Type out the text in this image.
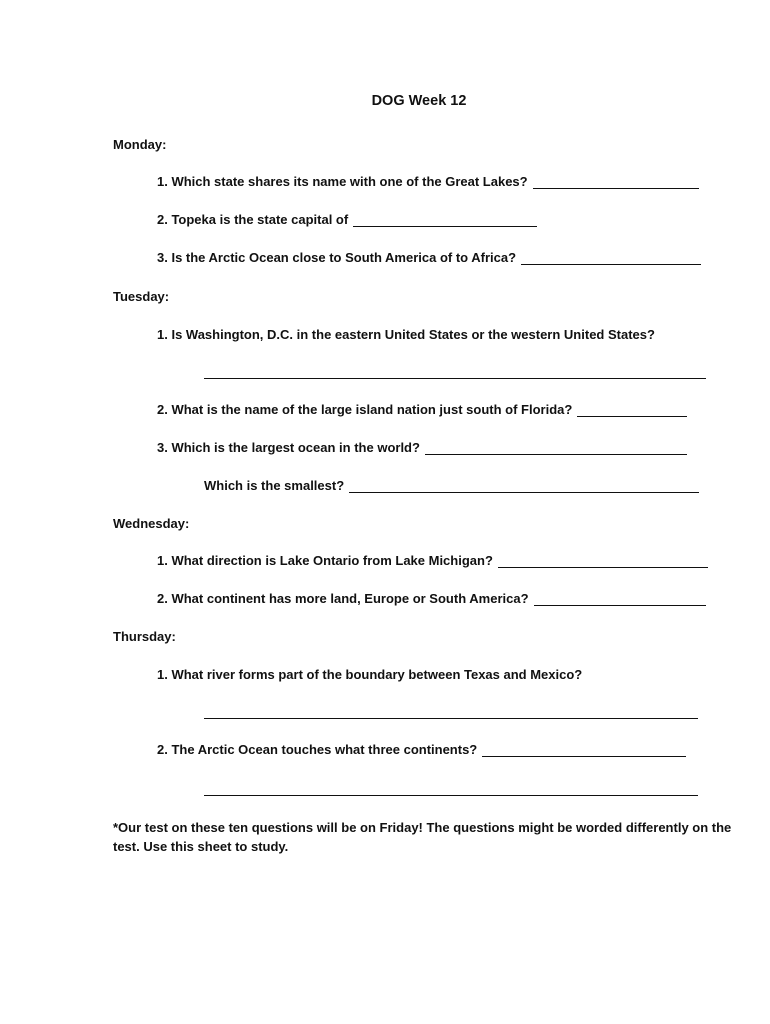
DOG Week 12
Monday:
1. Which state shares its name with one of the Great Lakes?
2. Topeka is the state capital of
3. Is the Arctic Ocean close to South America of to Africa?
Tuesday:
1. Is Washington, D.C. in the eastern United States or the western United States?
2. What is the name of the large island nation just south of Florida?
3. Which is the largest ocean in the world?
Which is the smallest?
Wednesday:
1. What direction is Lake Ontario from Lake Michigan?
2. What continent has more land, Europe or South America?
Thursday:
1. What river forms part of the boundary between Texas and Mexico?
2. The Arctic Ocean touches what three continents?
*Our test on these ten questions will be on Friday! The questions might be worded differently on the test. Use this sheet to study.
